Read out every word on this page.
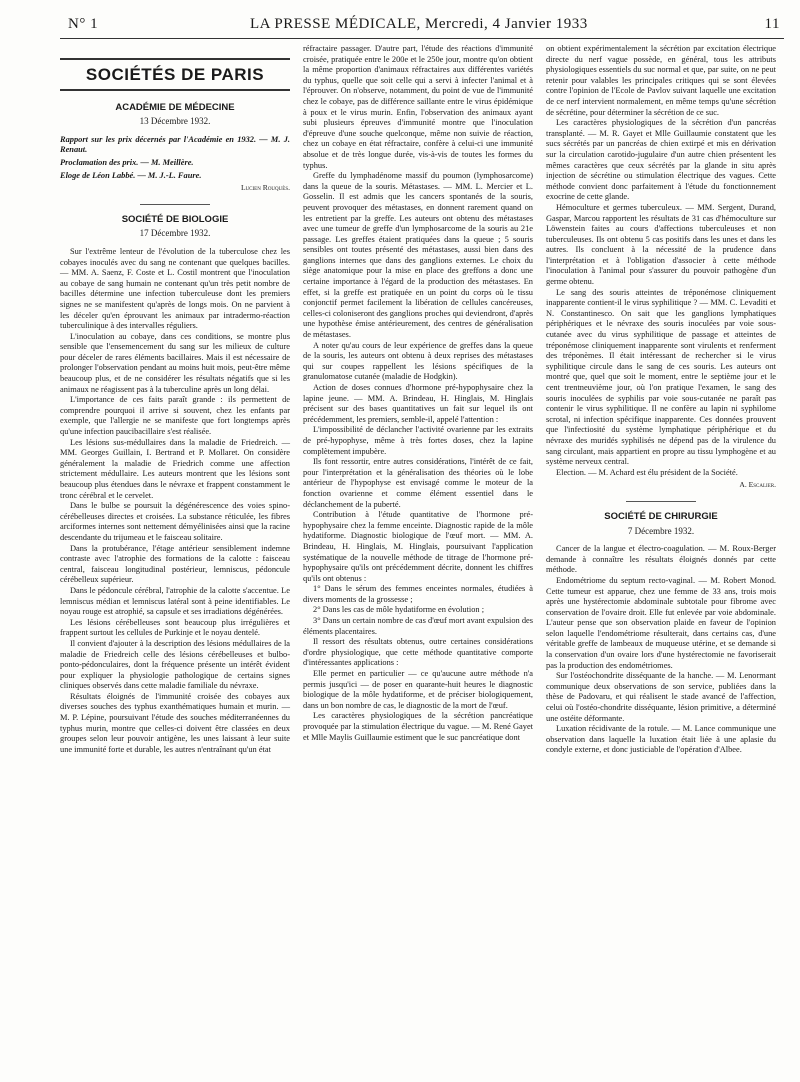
N° 1	LA PRESSE MÉDICALE, Mercredi, 4 Janvier 1933	11
SOCIÉTÉS DE PARIS
ACADÉMIE DE MÉDECINE
13 Décembre 1932.

Rapport sur les prix décernés par l'Académie en 1932. — M. J. Renaut.

Proclamation des prix. — M. Meillère.

Eloge de Léon Labbé. — M. J.-L. Faure.

Lucien Rouquès.
SOCIÉTÉ DE BIOLOGIE
17 Décembre 1932.

Sur l'extrême lenteur de l'évolution de la tuberculose chez les cobayes inoculés avec du sang ne contenant que quelques bacilles. — MM. A. Saenz, F. Coste et L. Costil montrent que l'inoculation au cobaye de sang humain ne contenant qu'un très petit nombre de bacilles détermine une infection tuberculeuse dont les premiers signes ne se manifestent qu'après de longs mois. On ne parvient à les déceler qu'en éprouvant les animaux par intradermo-réaction tuberculinique à des intervalles réguliers.

L'inoculation au cobaye, dans ces conditions, se montre plus sensible que l'ensemencement du sang sur les milieux de culture pour déceler de rares éléments bacillaires. Mais il est nécessaire de prolonger l'observation pendant au moins huit mois, peut-être même beaucoup plus, et de ne considérer les résultats négatifs que si les animaux ne réagissent pas à la tuberculine après un long délai.

L'importance de ces faits paraît grande : ils permettent de comprendre pourquoi il arrive si souvent, chez les enfants par exemple, que l'allergie ne se manifeste que fort longtemps après qu'une infection paucibacillaire s'est réalisée.

Les lésions sus-médullaires dans la maladie de Friedreich. — MM. Georges Guillain, I. Bertrand et P. Mollaret. On considère généralement la maladie de Friedrich comme une affection strictement médullaire. Les auteurs montrent que les lésions sont beaucoup plus étendues dans le névraxe et frappent constamment le tronc cérébral et le cervelet.

Dans le bulbe se poursuit la dégénérescence des voies spino-cérébelleuses directes et croisées. La substance réticulée, les fibres arciformes internes sont nettement démyélinisées ainsi que la racine descendante du trijumeau et le faisceau solitaire.

Dans la protubérance, l'étage antérieur sensiblement indemne contraste avec l'atrophie des formations de la calotte : faisceau central, faisceau longitudinal postérieur, lemniscus, pédoncule cérébelleux supérieur.

Dans le pédoncule cérébral, l'atrophie de la calotte s'accentue. Le lemniscus médian et lemniscus latéral sont à peine identifiables. Le noyau rouge est atrophié, sa capsule et ses irradiations dégénérées.

Les lésions cérébelleuses sont beaucoup plus irrégulières et frappent surtout les cellules de Purkinje et le noyau dentelé.

Il convient d'ajouter à la description des lésions médullaires de la maladie de Friedreich celle des lésions cérébelleuses et bulbo-ponto-pédonculaires, dont la fréquence présente un intérêt évident pour expliquer la physiologie pathologique de certains signes cliniques observés dans cette maladie familiale du névraxe.

Résultats éloignés de l'immunité croisée des cobayes aux diverses souches des typhus exanthématiques humain et murin. — M. P. Lépine, poursuivant l'étude des souches méditerranéennes du typhus murin, montre que celles-ci doivent être classées en deux groupes selon leur pouvoir antigène, les unes laissant à leur suite une immunité forte et durable, les autres n'entraînant qu'un état

réfractaire passager. D'autre part, l'étude des réactions d'immunité croisée, pratiquée entre le 200e et le 250e jour, montre qu'on obtient la même proportion d'animaux réfractaires aux différentes variétés du typhus, quelle que soit celle qui a servi à infecter l'animal et à l'éprouver. On n'observe, notamment, du point de vue de l'immunité chez le cobaye, pas de différence saillante entre le virus épidémique à poux et le virus murin. Enfin, l'observation des animaux ayant subi plusieurs épreuves d'immunité montre que l'inoculation d'épreuve d'une souche quelconque, même non suivie de réaction, chez un cobaye en état réfractaire, confère à celui-ci une immunité absolue et de très longue durée, vis-à-vis de toutes les formes du typhus.

Greffe du lymphadénome massif du poumon (lymphosarcome) dans la queue de la souris. Métastases. — MM. L. Mercier et L. Gosselin. Il est admis que les cancers spontanés de la souris, peuvent provoquer des métastases, en donnent rarement quand on les entretient par la greffe. Les auteurs ont obtenu des métastases avec une tumeur de greffe d'un lymphosarcome de la souris au 21e passage. Les greffes étaient pratiquées dans la queue ; 5 souris sensibles ont toutes présenté des métastases, aussi bien dans des ganglions internes que dans des ganglions externes. Le choix du siège anatomique pour la mise en place des greffons a donc une certaine importance à l'égard de la production des métastases. En effet, si la greffe est pratiquée en un point du corps où le tissu conjonctif permet facilement la libération de cellules cancéreuses, celles-ci coloniseront des ganglions proches qui deviendront, d'après une hypothèse émise antérieurement, des centres de généralisation de métastases.

A noter qu'au cours de leur expérience de greffes dans la queue de la souris, les auteurs ont obtenu à deux reprises des métastases qui sur coupes rappellent les lésions spécifiques de la granulomatose cutanée (maladie de Hodgkin).

Action de doses connues d'hormone pré-hypophysaire chez la lapine jeune. — MM. A. Brindeau, H. Hinglais, M. Hinglais précisent sur des bases quantitatives un fait sur lequel ils ont précédemment, les premiers, semble-il, appelé l'attention :

L'impossibilité de déclancher l'activité ovarienne par les extraits de pré-hypophyse, même à très fortes doses, chez la lapine complètement impubère.

Ils font ressortir, entre autres considérations, l'intérêt de ce fait, pour l'interprétation et la généralisation des théories où le lobe antérieur de l'hypophyse est envisagé comme le moteur de la fonction ovarienne et comme élément essentiel dans le déclanchement de la puberté.

Contribution à l'étude quantitative de l'hormone pré-hypophysaire chez la femme enceinte. Diagnostic rapide de la môle hydatiforme. Diagnostic biologique de l'œuf mort. — MM. A. Brindeau, H. Hinglais, M. Hinglais, poursuivant l'application systématique de la nouvelle méthode de titrage de l'hormone pré-hypophysaire qu'ils ont précédemment décrite, donnent les chiffres qu'ils ont obtenus :

1° Dans le sérum des femmes enceintes normales, étudiées à divers moments de la grossesse ;

2° Dans les cas de môle hydatiforme en évolution ;

3° Dans un certain nombre de cas d'œuf mort avant expulsion des éléments placentaires.

Il ressort des résultats obtenus, outre certaines considérations d'ordre physiologique, que cette méthode quantitative comporte d'intéressantes applications :

Elle permet en particulier — ce qu'aucune autre méthode n'a permis jusqu'ici — de poser en quarante-huit heures le diagnostic biologique de la môle hydatiforme, et de préciser biologiquement, dans un bon nombre de cas, le diagnostic de la mort de l'œuf.

Les caractères physiologiques de la sécrétion pancréatique provoquée par la stimulation électrique du vague. — M. René Gayet et Mlle Maylis Guillaumie estiment que le suc pancréatique dont

on obtient expérimentalement la sécrétion par excitation électrique directe du nerf vague possède, en général, tous les attributs physiologiques essentiels du suc normal et que, par suite, on ne peut retenir pour valables les principales critiques qui se sont élevées contre l'opinion de l'Ecole de Pavlov suivant laquelle une excitation de ce nerf intervient normalement, en même temps qu'une sécrétion de sécrétine, pour déterminer la sécrétion de ce suc.

Les caractères physiologiques de la sécrétion d'un pancréas transplanté. — M. R. Gayet et Mlle Guillaumie constatent que les sucs sécrétés par un pancréas de chien extirpé et mis en dérivation sur la circulation carotido-jugulaire d'un autre chien présentent les mêmes caractères que ceux sécrétés par la glande in situ après injection de sécrétine ou stimulation électrique des vagues. Cette méthode convient donc parfaitement à l'étude du fonctionnement exocrine de cette glande.

Hémoculture et germes tuberculeux. — MM. Sergent, Durand, Gaspar, Marcou rapportent les résultats de 31 cas d'hémoculture sur Löwenstein faites au cours d'affections tuberculeuses et non tuberculeuses. Ils ont obtenu 5 cas positifs dans les unes et dans les autres. Ils concluent à la nécessité de la prudence dans l'interprétation et à l'obligation d'associer à cette méthode l'inoculation à l'animal pour s'assurer du pouvoir pathogène d'un germe obtenu.

Le sang des souris atteintes de tréponémose cliniquement inapparente contient-il le virus syphilitique ? — MM. C. Levaditi et N. Constantinesco. On sait que les ganglions lymphatiques périphériques et le névraxe des souris inoculées par voie sous-cutanée avec du virus syphilitique de passage et atteintes de tréponémose cliniquement inapparente sont virulents et renferment des tréponèmes. Il était intéressant de rechercher si le virus syphilitique circule dans le sang de ces souris. Les auteurs ont montré que, quel que soit le moment, entre le septième jour et le cent trentneuvième jour, où l'on pratique l'examen, le sang des souris inoculées de syphilis par voie sous-cutanée ne paraît pas contenir le virus syphilitique. Il ne confère au lapin ni syphilome scrotal, ni infection spécifique inapparente. Ces données prouvent que l'infectiosité du système lymphatique périphérique et du névraxe des muridés syphilisés ne dépend pas de la virulence du sang circulant, mais appartient en propre au tissu lymphogène et au système nerveux central.

Election. — M. Achard est élu président de la Société.

A. Escalier.
SOCIÉTÉ DE CHIRURGIE
7 Décembre 1932.

Cancer de la langue et électro-coagulation. — M. Roux-Berger demande à connaître les résultats éloignés donnés par cette méthode.

Endométriome du septum recto-vaginal. — M. Robert Monod. Cette tumeur est apparue, chez une femme de 33 ans, trois mois après une hystérectomie abdominale subtotale pour fibrome avec conservation de l'ovaire droit. Elle fut enlevée par voie abdominale. L'auteur pense que son observation plaide en faveur de l'opinion selon laquelle l'endométriome résulterait, dans certains cas, d'une véritable greffe de lambeaux de muqueuse utérine, et se demande si la conservation d'un ovaire lors d'une hystérectomie ne favoriserait pas la production des endométriomes.

Sur l'ostéochondrite disséquante de la hanche. — M. Lenormant communique deux observations de son service, publiées dans la thèse de Padovaru, et qui réalisent le stade avancé de l'affection, celui où l'ostéo-chondrite disséquante, lésion primitive, a déterminé une ostéite déformante.

Luxation récidivante de la rotule. — M. Lance communique une observation dans laquelle la luxation était liée à une aplasie du condyle externe, et donc justiciable de l'opération d'Albee.
